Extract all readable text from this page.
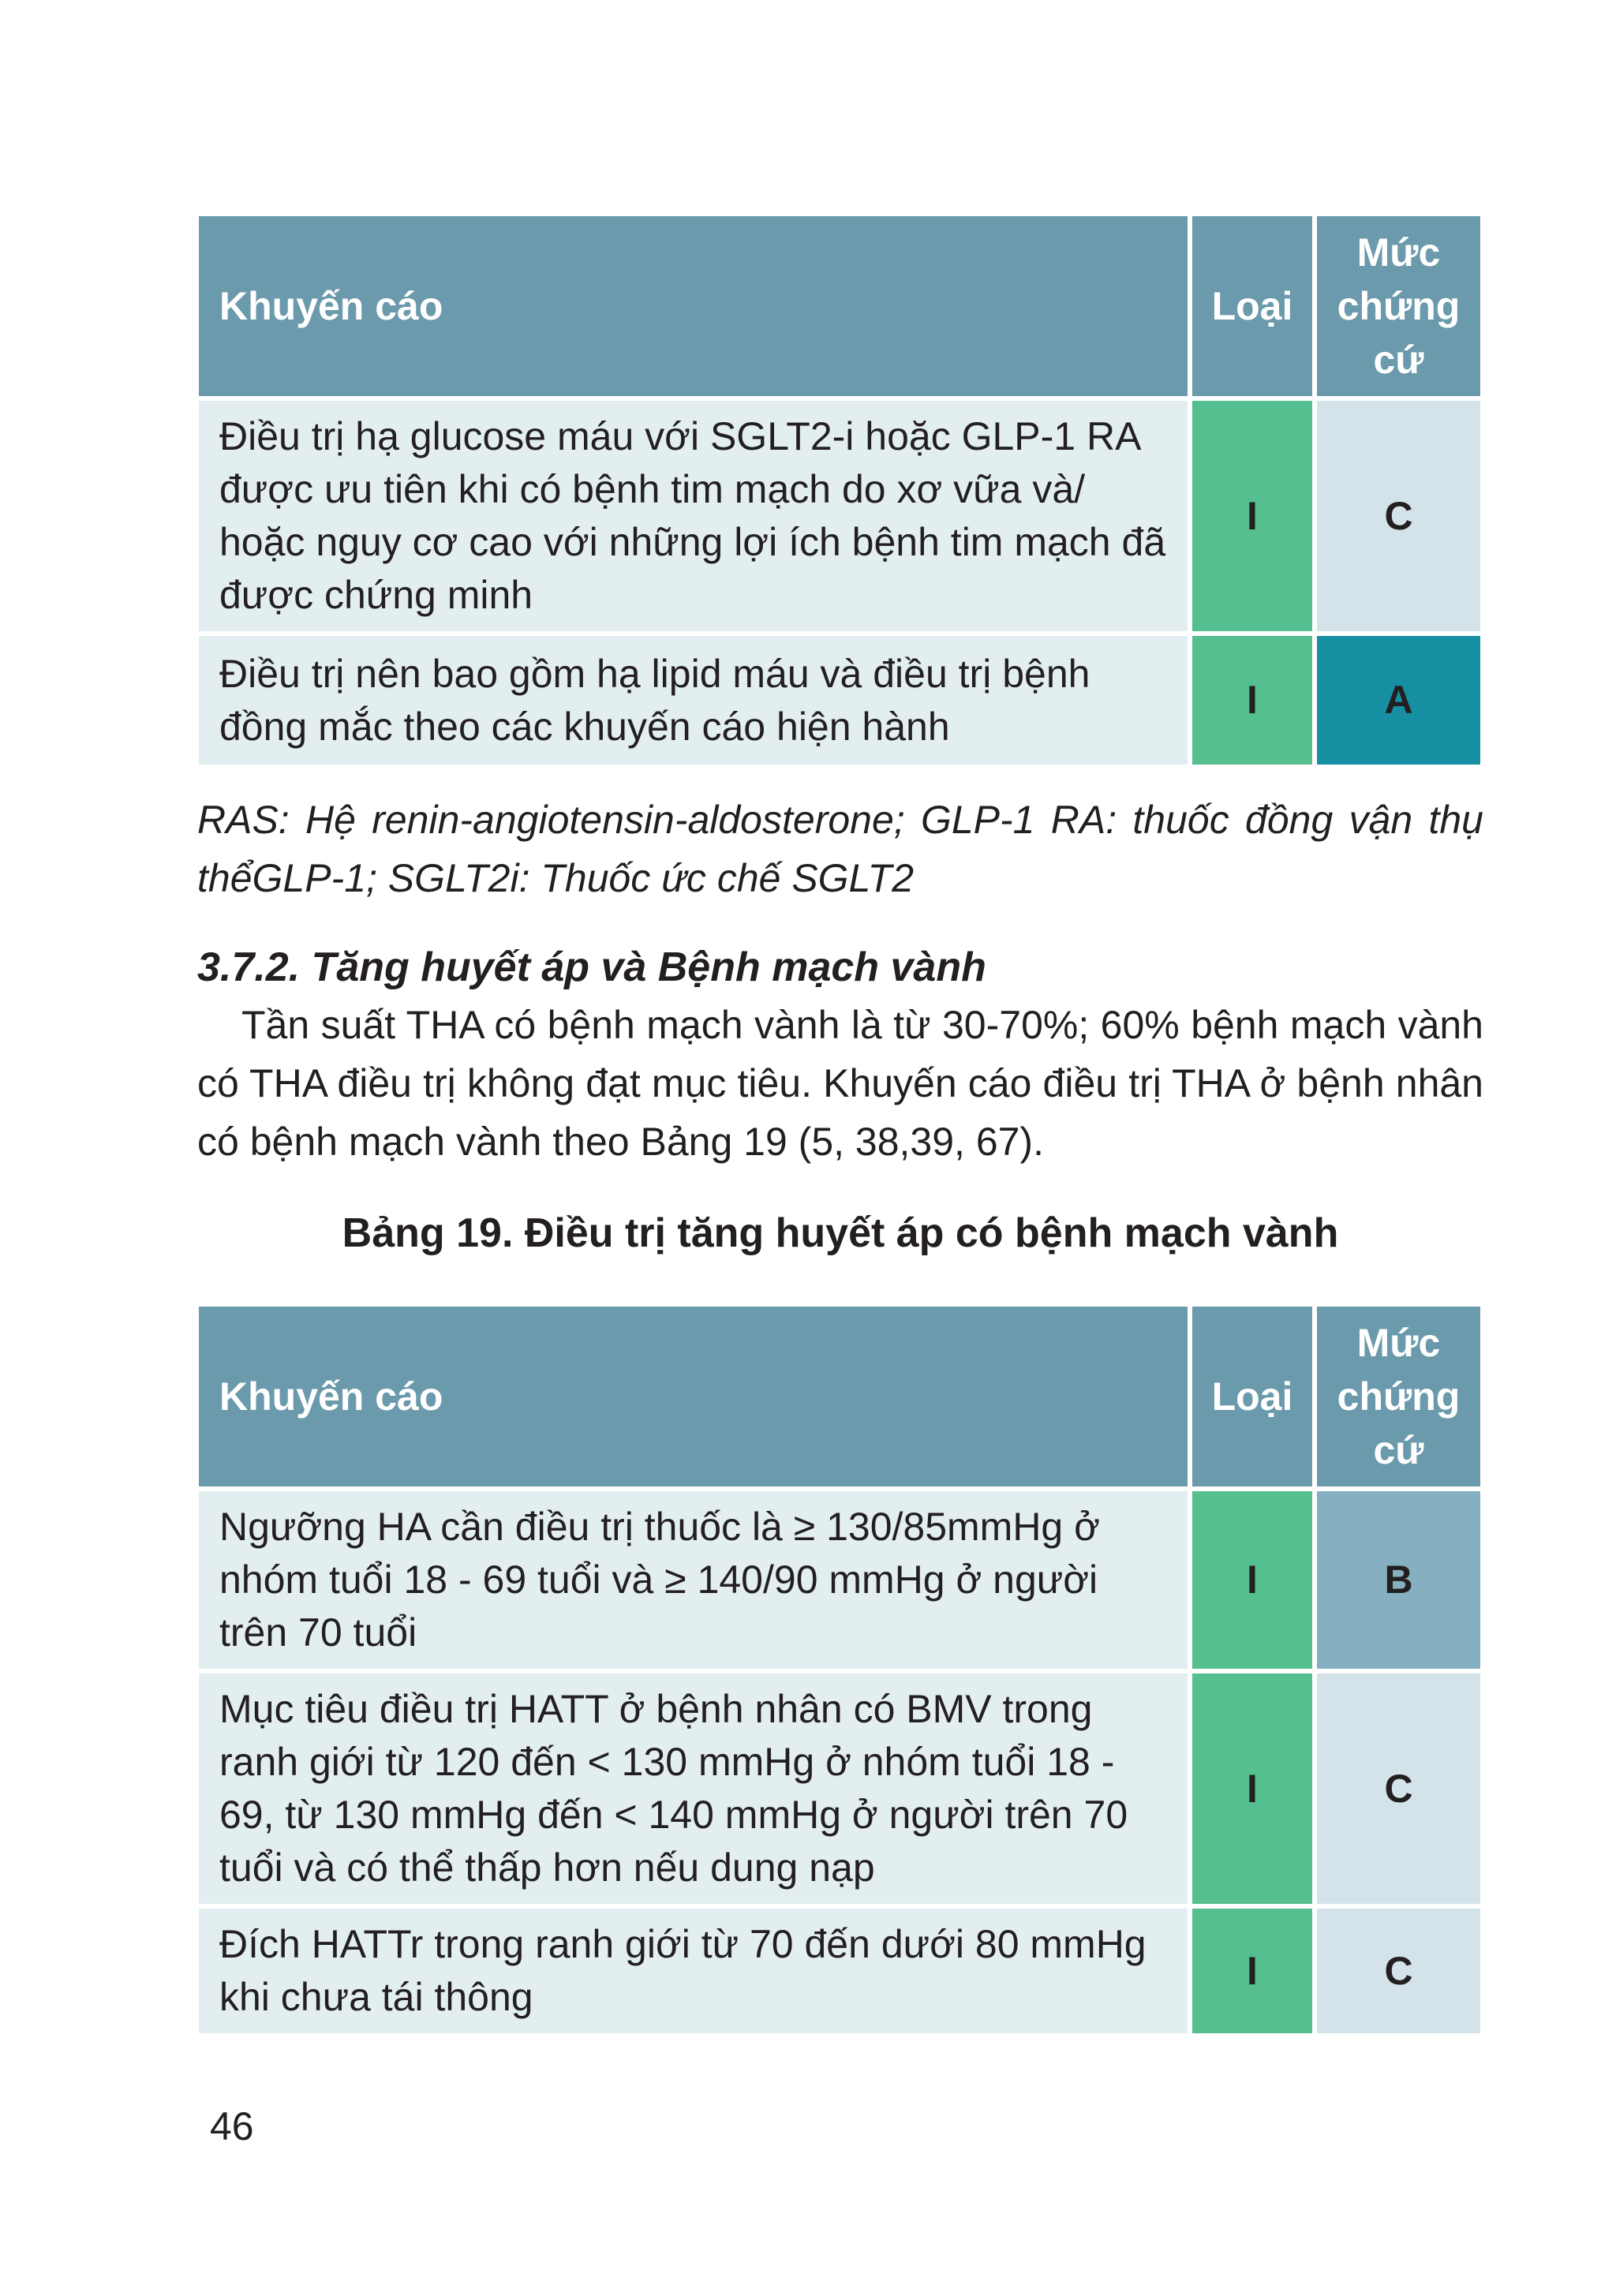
Khuyến cáo	Loại	Mức chứng cứ
Điều trị hạ glucose máu với SGLT2-i hoặc GLP-1 RA được ưu tiên khi có bệnh tim mạch do xơ vữa và/ hoặc nguy cơ cao với những lợi ích bệnh tim mạch đã được chứng minh	I	C
Điều trị nên bao gồm hạ lipid máu và điều trị bệnh đồng mắc theo các khuyến cáo hiện hành	I	A

RAS: Hệ renin-angiotensin-aldosterone; GLP-1 RA: thuốc đồng vận thụ thểGLP-1; SGLT2i: Thuốc ức chế SGLT2

3.7.2. Tăng huyết áp và Bệnh mạch vành

Tần suất THA có bệnh mạch vành là từ 30-70%; 60% bệnh mạch vành có THA điều trị không đạt mục tiêu. Khuyến cáo điều trị THA ở bệnh nhân có bệnh mạch vành theo Bảng 19 (5, 38,39, 67).

Bảng 19. Điều trị tăng huyết áp có bệnh mạch vành
Khuyến cáo	Loại	Mức chứng cứ
Ngưỡng HA cần điều trị thuốc là ≥ 130/85mmHg ở nhóm tuổi 18 - 69 tuổi và ≥ 140/90 mmHg ở người trên 70 tuổi	I	B
Mục tiêu điều trị HATT ở bệnh nhân có BMV trong ranh giới từ 120 đến < 130 mmHg ở nhóm tuổi 18 - 69, từ 130 mmHg đến < 140 mmHg ở người trên 70 tuổi và có thể thấp hơn nếu dung nạp	I	C
Đích HATTr trong ranh giới từ 70 đến dưới 80 mmHg khi chưa tái thông	I	C
46
